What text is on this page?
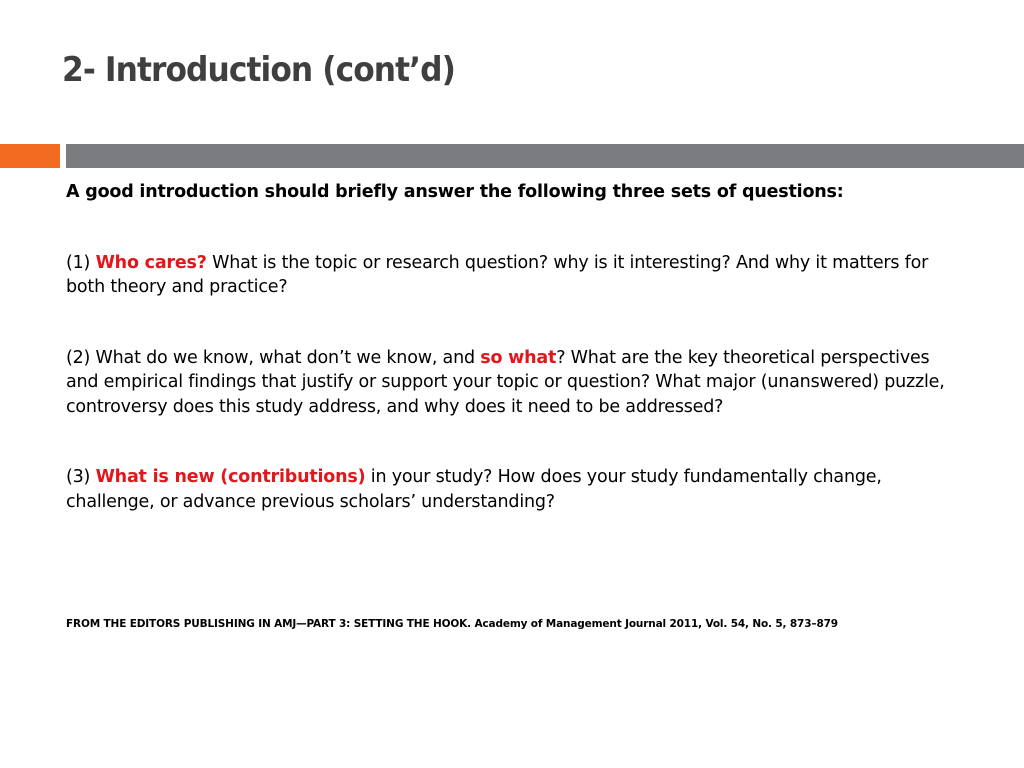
2- Introduction (cont’d)

A good introduction should briefly answer the following three sets of questions:

(1) Who cares? What is the topic or research question? why is it interesting? And why it matters for both theory and practice?

(2) What do we know, what don’t we know, and so what? What are the key theoretical perspectives and empirical findings that justify or support your topic or question? What major (unanswered) puzzle, controversy does this study address, and why does it need to be addressed?

(3) What is new (contributions) in your study? How does your study fundamentally change, challenge, or advance previous scholars’ understanding?

FROM THE EDITORS PUBLISHING IN AMJ—PART 3: SETTING THE HOOK. Academy of Management Journal 2011, Vol. 54, No. 5, 873–879
